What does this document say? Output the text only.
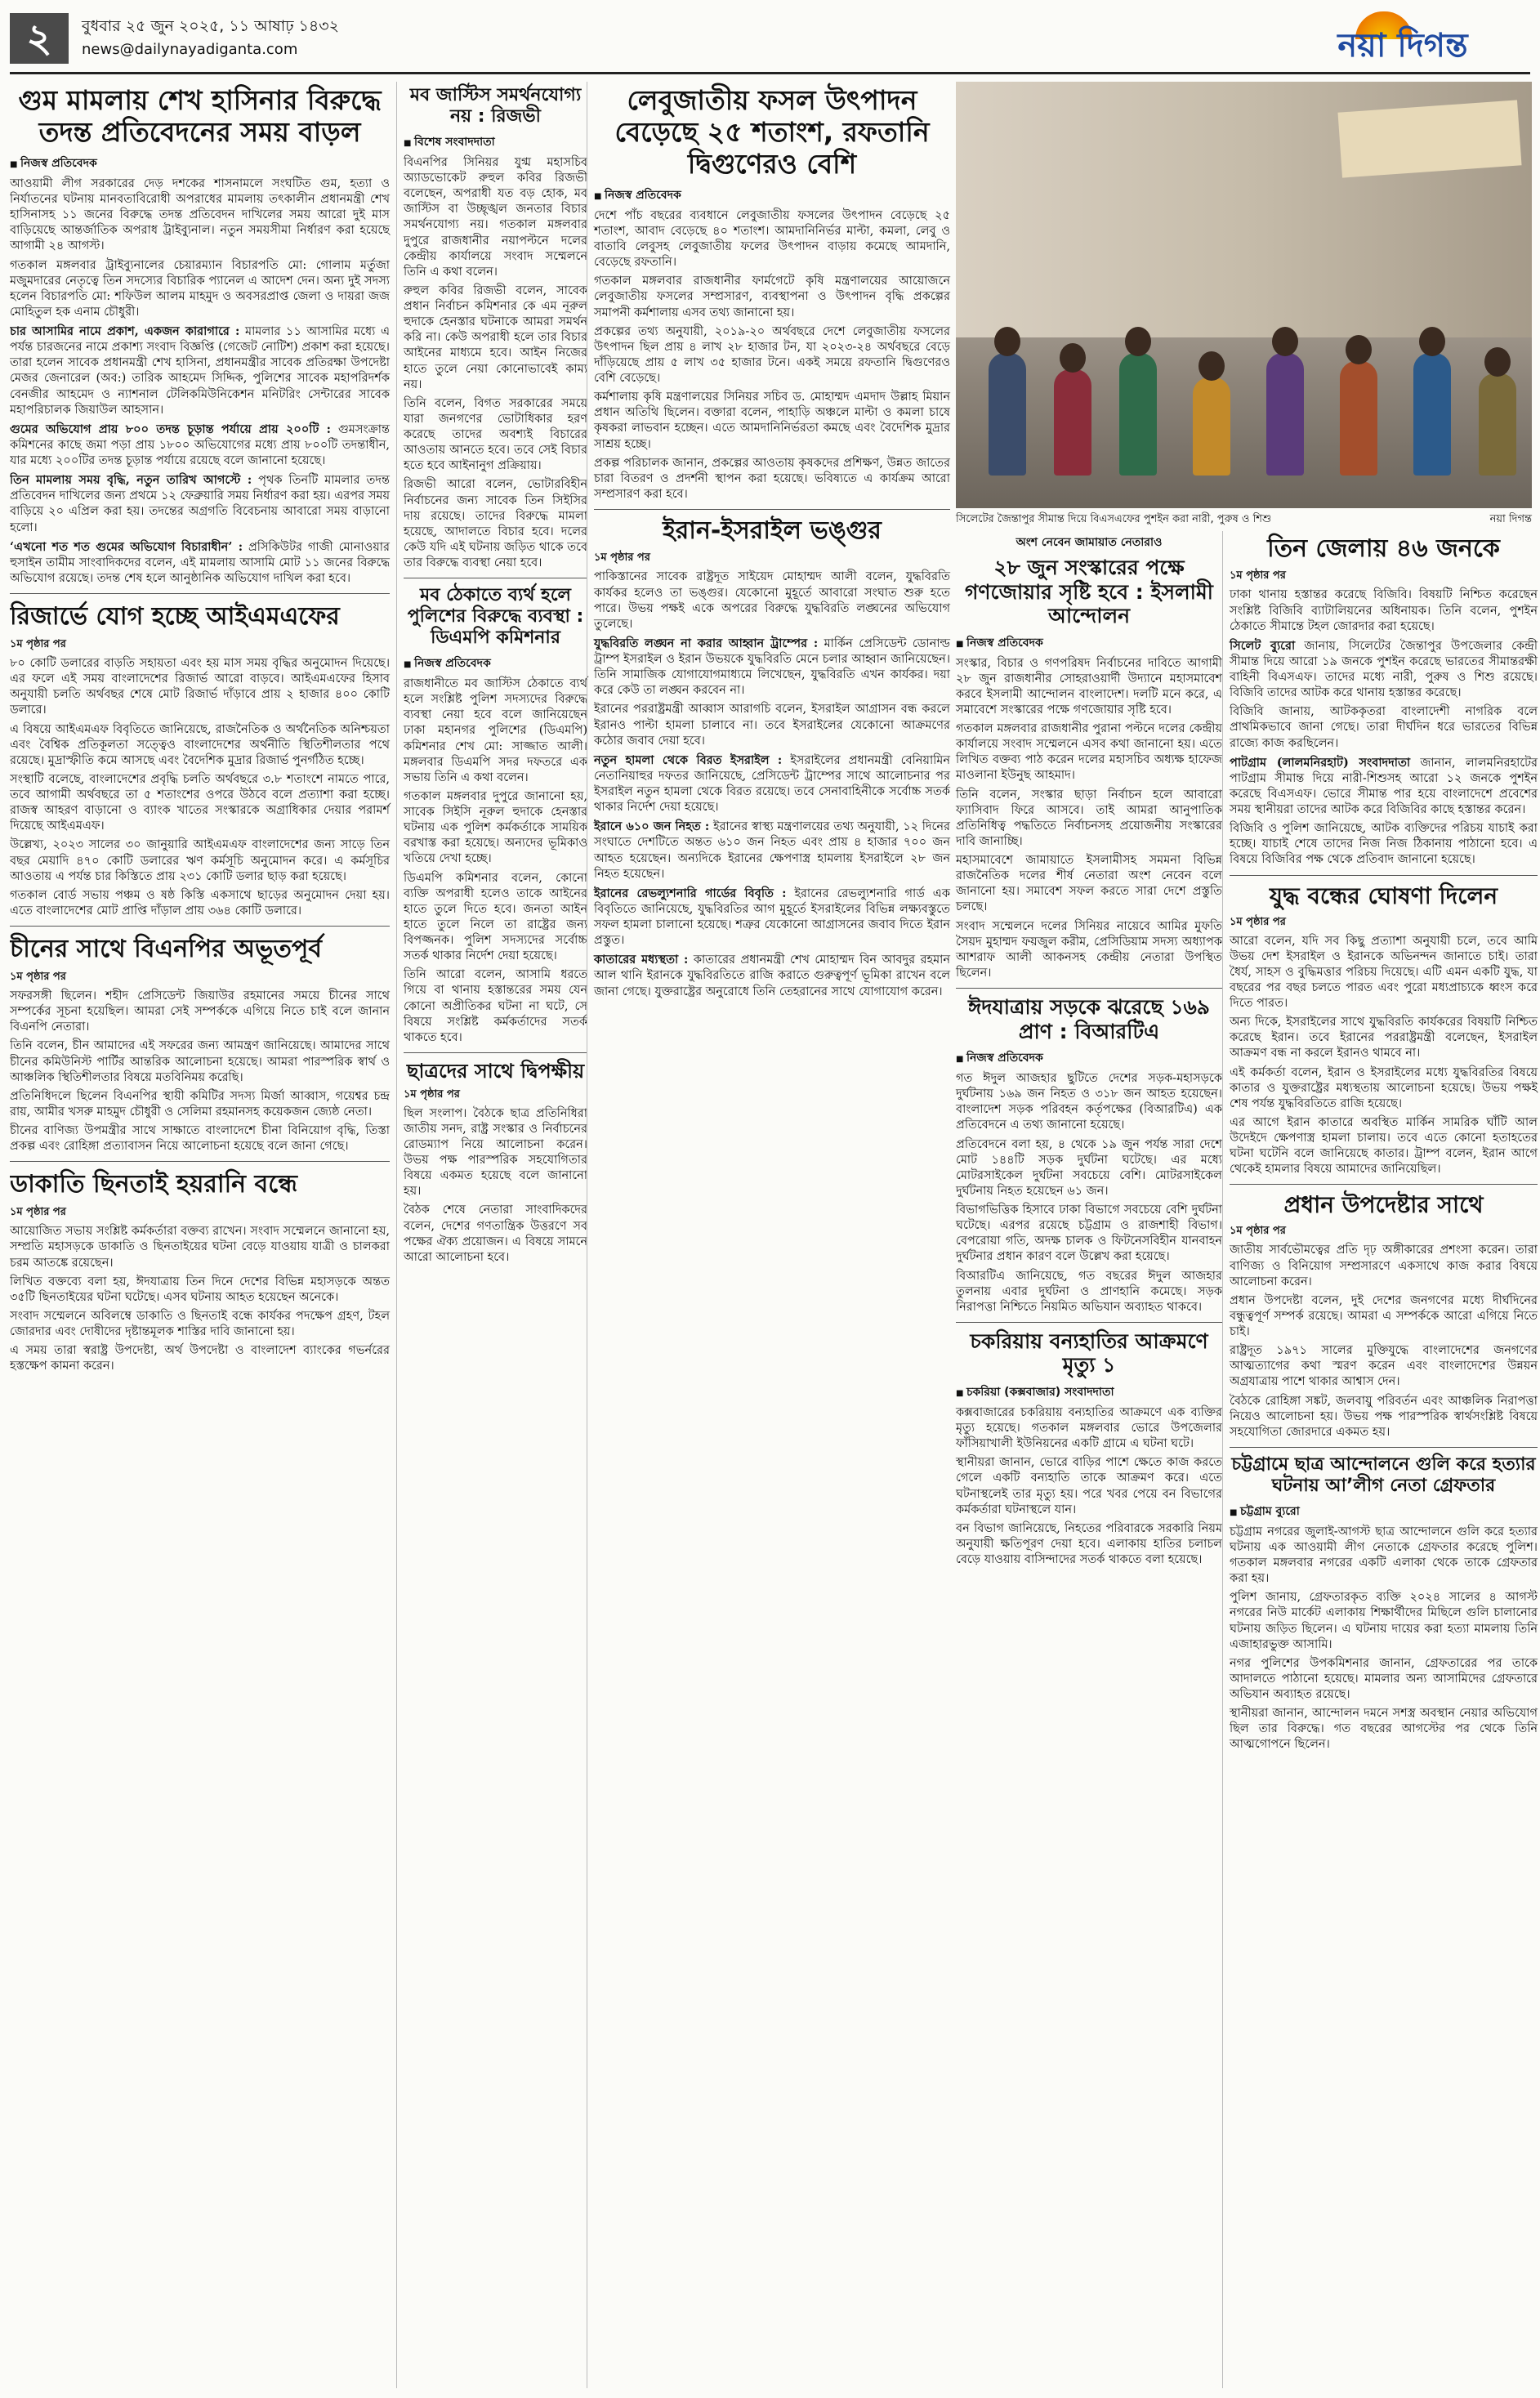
২	বুধবার ২৫ জুন ২০২৫, ১১ আষাঢ় ১৪৩২
news@dailynayadiganta.com	নয়া দিগন্ত
গুম মামলায় শেখ হাসিনার বিরুদ্ধে তদন্ত প্রতিবেদনের সময় বাড়ল
■ নিজস্ব প্রতিবেদক

আওয়ামী লীগ সরকারের দেড় দশকের শাসনামলে সংঘটিত গুম, হত্যা ও নির্যাতনের ঘটনায় মানবতাবিরোধী অপরাধের মামলায় তৎকালীন প্রধানমন্ত্রী শেখ হাসিনাসহ ১১ জনের বিরুদ্ধে তদন্ত প্রতিবেদন দাখিলের সময় আরো দুই মাস বাড়িয়েছে আন্তর্জাতিক অপরাধ ট্রাইব্যুনাল। নতুন সময়সীমা নির্ধারণ করা হয়েছে আগামী ২৪ আগস্ট।

গতকাল মঙ্গলবার ট্রাইব্যুনালের চেয়ারম্যান বিচারপতি মো: গোলাম মর্তুজা মজুমদারের নেতৃত্বে তিন সদস্যের বিচারিক প্যানেল এ আদেশ দেন। অন্য দুই সদস্য হলেন বিচারপতি মো: শফিউল আলম মাহমুদ ও অবসরপ্রাপ্ত জেলা ও দায়রা জজ মোহিতুল হক এনাম চৌধুরী।

চার আসামির নামে প্রকাশ, একজন কারাগারে : মামলার ১১ আসামির মধ্যে এ পর্যন্ত চারজনের নামে প্রকাশ্য সংবাদ বিজ্ঞপ্তি (গেজেট নোটিশ) প্রকাশ করা হয়েছে। তারা হলেন সাবেক প্রধানমন্ত্রী শেখ হাসিনা, প্রধানমন্ত্রীর সাবেক প্রতিরক্ষা উপদেষ্টা মেজর জেনারেল (অব:) তারিক আহমেদ সিদ্দিক, পুলিশের সাবেক মহাপরিদর্শক বেনজীর আহমেদ ও ন্যাশনাল টেলিকমিউনিকেশন মনিটরিং সেন্টারের সাবেক মহাপরিচালক জিয়াউল আহসান।

গুমের অভিযোগ প্রায় ৮০০ তদন্ত চূড়ান্ত পর্যায়ে প্রায় ২০০টি : গুমসংক্রান্ত কমিশনের কাছে জমা পড়া প্রায় ১৮০০ অভিযোগের মধ্যে প্রায় ৮০০টি তদন্তাধীন, যার মধ্যে ২০০টির তদন্ত চূড়ান্ত পর্যায়ে রয়েছে বলে জানানো হয়েছে।

তিন মামলায় সময় বৃদ্ধি, নতুন তারিখ আগস্টে : পৃথক তিনটি মামলার তদন্ত প্রতিবেদন দাখিলের জন্য প্রথমে ১২ ফেব্রুয়ারি সময় নির্ধারণ করা হয়। এরপর সময় বাড়িয়ে ২০ এপ্রিল করা হয়। তদন্তের অগ্রগতি বিবেচনায় আবারো সময় বাড়ানো হলো।

‘এখনো শত শত গুমের অভিযোগ বিচারাধীন’ : প্রসিকিউটর গাজী মোনাওয়ার হুসাইন তামীম সাংবাদিকদের বলেন, এই মামলায় আসামি মোট ১১ জনের বিরুদ্ধে অভিযোগ রয়েছে। তদন্ত শেষ হলে আনুষ্ঠানিক অভিযোগ দাখিল করা হবে।

রিজার্ভে যোগ হচ্ছে আইএমএফের
১ম পৃষ্ঠার পর

৮০ কোটি ডলারের বাড়তি সহায়তা এবং হয় মাস সময় বৃদ্ধির অনুমোদন দিয়েছে। এর ফলে এই সময় বাংলাদেশের রিজার্ভ আরো বাড়বে। আইএমএফের হিসাব অনুযায়ী চলতি অর্থবছর শেষে মোট রিজার্ভ দাঁড়াবে প্রায় ২ হাজার ৪০০ কোটি ডলারে।

এ বিষয়ে আইএমএফ বিবৃতিতে জানিয়েছে, রাজনৈতিক ও অর্থনৈতিক অনিশ্চয়তা এবং বৈশ্বিক প্রতিকূলতা সত্ত্বেও বাংলাদেশের অর্থনীতি স্থিতিশীলতার পথে রয়েছে। মুদ্রাস্ফীতি কমে আসছে এবং বৈদেশিক মুদ্রার রিজার্ভ পুনর্গঠিত হচ্ছে।

সংস্থাটি বলেছে, বাংলাদেশের প্রবৃদ্ধি চলতি অর্থবছরে ৩.৮ শতাংশে নামতে পারে, তবে আগামী অর্থবছরে তা ৫ শতাংশের ওপরে উঠবে বলে প্রত্যাশা করা হচ্ছে। রাজস্ব আহরণ বাড়ানো ও ব্যাংক খাতের সংস্কারকে অগ্রাধিকার দেয়ার পরামর্শ দিয়েছে আইএমএফ।

উল্লেখ্য, ২০২৩ সালের ৩০ জানুয়ারি আইএমএফ বাংলাদেশের জন্য সাড়ে তিন বছর মেয়াদি ৪৭০ কোটি ডলারের ঋণ কর্মসূচি অনুমোদন করে। এ কর্মসূচির আওতায় এ পর্যন্ত চার কিস্তিতে প্রায় ২৩১ কোটি ডলার ছাড় করা হয়েছে।

গতকাল বোর্ড সভায় পঞ্চম ও ষষ্ঠ কিস্তি একসাথে ছাড়ের অনুমোদন দেয়া হয়। এতে বাংলাদেশের মোট প্রাপ্তি দাঁড়াল প্রায় ৩৬৪ কোটি ডলারে।

চীনের সাথে বিএনপির অভূতপূর্ব
১ম পৃষ্ঠার পর

সফরসঙ্গী ছিলেন। শহীদ প্রেসিডেন্ট জিয়াউর রহমানের সময়ে চীনের সাথে সম্পর্কের সূচনা হয়েছিল। আমরা সেই সম্পর্ককে এগিয়ে নিতে চাই বলে জানান বিএনপি নেতারা।

তিনি বলেন, চীন আমাদের এই সফরের জন্য আমন্ত্রণ জানিয়েছে। আমাদের সাথে চীনের কমিউনিস্ট পার্টির আন্তরিক আলোচনা হয়েছে। আমরা পারস্পরিক স্বার্থ ও আঞ্চলিক স্থিতিশীলতার বিষয়ে মতবিনিময় করেছি।

প্রতিনিধিদলে ছিলেন বিএনপির স্থায়ী কমিটির সদস্য মির্জা আব্বাস, গয়েশ্বর চন্দ্র রায়, আমীর খসরু মাহমুদ চৌধুরী ও সেলিমা রহমানসহ কয়েকজন জ্যেষ্ঠ নেতা।

চীনের বাণিজ্য উপমন্ত্রীর সাথে সাক্ষাতে বাংলাদেশে চীনা বিনিয়োগ বৃদ্ধি, তিস্তা প্রকল্প এবং রোহিঙ্গা প্রত্যাবাসন নিয়ে আলোচনা হয়েছে বলে জানা গেছে।

ডাকাতি ছিনতাই হয়রানি বন্ধে
১ম পৃষ্ঠার পর

আয়োজিত সভায় সংশ্লিষ্ট কর্মকর্তারা বক্তব্য রাখেন। সংবাদ সম্মেলনে জানানো হয়, সম্প্রতি মহাসড়কে ডাকাতি ও ছিনতাইয়ের ঘটনা বেড়ে যাওয়ায় যাত্রী ও চালকরা চরম আতঙ্কে রয়েছেন।

লিখিত বক্তব্যে বলা হয়, ঈদযাত্রায় তিন দিনে দেশের বিভিন্ন মহাসড়কে অন্তত ৩৫টি ছিনতাইয়ের ঘটনা ঘটেছে। এসব ঘটনায় আহত হয়েছেন অনেকে।

সংবাদ সম্মেলনে অবিলম্বে ডাকাতি ও ছিনতাই বন্ধে কার্যকর পদক্ষেপ গ্রহণ, টহল জোরদার এবং দোষীদের দৃষ্টান্তমূলক শাস্তির দাবি জানানো হয়।

এ সময় তারা স্বরাষ্ট্র উপদেষ্টা, অর্থ উপদেষ্টা ও বাংলাদেশ ব্যাংকের গভর্নরের হস্তক্ষেপ কামনা করেন।

মব জাস্টিস সমর্থনযোগ্য নয় : রিজভী
■ বিশেষ সংবাদদাতা

বিএনপির সিনিয়র যুগ্ম মহাসচিব অ্যাডভোকেট রুহুল কবির রিজভী বলেছেন, অপরাধী যত বড় হোক, মব জাস্টিস বা উচ্ছৃঙ্খল জনতার বিচার সমর্থনযোগ্য নয়। গতকাল মঙ্গলবার দুপুরে রাজধানীর নয়াপল্টনে দলের কেন্দ্রীয় কার্যালয়ে সংবাদ সম্মেলনে তিনি এ কথা বলেন।

রুহুল কবির রিজভী বলেন, সাবেক প্রধান নির্বাচন কমিশনার কে এম নূরুল হুদাকে হেনস্তার ঘটনাকে আমরা সমর্থন করি না। কেউ অপরাধী হলে তার বিচার আইনের মাধ্যমে হবে। আইন নিজের হাতে তুলে নেয়া কোনোভাবেই কাম্য নয়।

তিনি বলেন, বিগত সরকারের সময়ে যারা জনগণের ভোটাধিকার হরণ করেছে তাদের অবশ্যই বিচারের আওতায় আনতে হবে। তবে সেই বিচার হতে হবে আইনানুগ প্রক্রিয়ায়।

রিজভী আরো বলেন, ভোটারবিহীন নির্বাচনের জন্য সাবেক তিন সিইসির দায় রয়েছে। তাদের বিরুদ্ধে মামলা হয়েছে, আদালতে বিচার হবে। দলের কেউ যদি এই ঘটনায় জড়িত থাকে তবে তার বিরুদ্ধে ব্যবস্থা নেয়া হবে।

মব ঠেকাতে ব্যর্থ হলে পুলিশের বিরুদ্ধে ব্যবস্থা : ডিএমপি কমিশনার
■ নিজস্ব প্রতিবেদক

রাজধানীতে মব জাস্টিস ঠেকাতে ব্যর্থ হলে সংশ্লিষ্ট পুলিশ সদস্যদের বিরুদ্ধে ব্যবস্থা নেয়া হবে বলে জানিয়েছেন ঢাকা মহানগর পুলিশের (ডিএমপি) কমিশনার শেখ মো: সাজ্জাত আলী। মঙ্গলবার ডিএমপি সদর দফতরে এক সভায় তিনি এ কথা বলেন।

গতকাল মঙ্গলবার দুপুরে জানানো হয়, সাবেক সিইসি নূরুল হুদাকে হেনস্তার ঘটনায় এক পুলিশ কর্মকর্তাকে সাময়িক বরখাস্ত করা হয়েছে। অন্যদের ভূমিকাও খতিয়ে দেখা হচ্ছে।

ডিএমপি কমিশনার বলেন, কোনো ব্যক্তি অপরাধী হলেও তাকে আইনের হাতে তুলে দিতে হবে। জনতা আইন হাতে তুলে নিলে তা রাষ্ট্রের জন্য বিপজ্জনক। পুলিশ সদস্যদের সর্বোচ্চ সতর্ক থাকার নির্দেশ দেয়া হয়েছে।

তিনি আরো বলেন, আসামি ধরতে গিয়ে বা থানায় হস্তান্তরের সময় যেন কোনো অপ্রীতিকর ঘটনা না ঘটে, সে বিষয়ে সংশ্লিষ্ট কর্মকর্তাদের সতর্ক থাকতে হবে।

ছাত্রদের সাথে দ্বিপক্ষীয়
১ম পৃষ্ঠার পর

ছিল সংলাপ। বৈঠকে ছাত্র প্রতিনিধিরা জাতীয় সনদ, রাষ্ট্র সংস্কার ও নির্বাচনের রোডম্যাপ নিয়ে আলোচনা করেন। উভয় পক্ষ পারস্পরিক সহযোগিতার বিষয়ে একমত হয়েছে বলে জানানো হয়।

বৈঠক শেষে নেতারা সাংবাদিকদের বলেন, দেশের গণতান্ত্রিক উত্তরণে সব পক্ষের ঐক্য প্রয়োজন। এ বিষয়ে সামনে আরো আলোচনা হবে।

লেবুজাতীয় ফসল উৎপাদন বেড়েছে ২৫ শতাংশ, রফতানি দ্বিগুণেরও বেশি
■ নিজস্ব প্রতিবেদক

দেশে পাঁচ বছরের ব্যবধানে লেবুজাতীয় ফসলের উৎপাদন বেড়েছে ২৫ শতাংশ, আবাদ বেড়েছে ৪০ শতাংশ। আমদানিনির্ভর মাল্টা, কমলা, লেবু ও বাতাবি লেবুসহ লেবুজাতীয় ফলের উৎপাদন বাড়ায় কমেছে আমদানি, বেড়েছে রফতানি।

গতকাল মঙ্গলবার রাজধানীর ফার্মগেটে কৃষি মন্ত্রণালয়ের আয়োজনে লেবুজাতীয় ফসলের সম্প্রসারণ, ব্যবস্থাপনা ও উৎপাদন বৃদ্ধি প্রকল্পের সমাপনী কর্মশালায় এসব তথ্য জানানো হয়।

প্রকল্পের তথ্য অনুযায়ী, ২০১৯-২০ অর্থবছরে দেশে লেবুজাতীয় ফসলের উৎপাদন ছিল প্রায় ৪ লাখ ২৮ হাজার টন, যা ২০২৩-২৪ অর্থবছরে বেড়ে দাঁড়িয়েছে প্রায় ৫ লাখ ৩৫ হাজার টনে। একই সময়ে রফতানি দ্বিগুণেরও বেশি বেড়েছে।

কর্মশালায় কৃষি মন্ত্রণালয়ের সিনিয়র সচিব ড. মোহাম্মদ এমদাদ উল্লাহ মিয়ান প্রধান অতিথি ছিলেন। বক্তারা বলেন, পাহাড়ি অঞ্চলে মাল্টা ও কমলা চাষে কৃষকরা লাভবান হচ্ছেন। এতে আমদানিনির্ভরতা কমছে এবং বৈদেশিক মুদ্রার সাশ্রয় হচ্ছে।

প্রকল্প পরিচালক জানান, প্রকল্পের আওতায় কৃষকদের প্রশিক্ষণ, উন্নত জাতের চারা বিতরণ ও প্রদর্শনী স্থাপন করা হয়েছে। ভবিষ্যতে এ কার্যক্রম আরো সম্প্রসারণ করা হবে।

ইরান-ইসরাইল ভঙ্গুর
১ম পৃষ্ঠার পর

পাকিস্তানের সাবেক রাষ্ট্রদূত সাইয়েদ মোহাম্মদ আলী বলেন, যুদ্ধবিরতি কার্যকর হলেও তা ভঙ্গুর। যেকোনো মুহূর্তে আবারো সংঘাত শুরু হতে পারে। উভয় পক্ষই একে অপরের বিরুদ্ধে যুদ্ধবিরতি লঙ্ঘনের অভিযোগ তুলেছে।

যুদ্ধবিরতি লঙ্ঘন না করার আহ্বান ট্রাম্পের : মার্কিন প্রেসিডেন্ট ডোনাল্ড ট্রাম্প ইসরাইল ও ইরান উভয়কে যুদ্ধবিরতি মেনে চলার আহ্বান জানিয়েছেন। তিনি সামাজিক যোগাযোগমাধ্যমে লিখেছেন, যুদ্ধবিরতি এখন কার্যকর। দয়া করে কেউ তা লঙ্ঘন করবেন না।

ইরানের পররাষ্ট্রমন্ত্রী আব্বাস আরাগচি বলেন, ইসরাইল আগ্রাসন বন্ধ করলে ইরানও পাল্টা হামলা চালাবে না। তবে ইসরাইলের যেকোনো আক্রমণের কঠোর জবাব দেয়া হবে।

নতুন হামলা থেকে বিরত ইসরাইল : ইসরাইলের প্রধানমন্ত্রী বেনিয়ামিন নেতানিয়াহুর দফতর জানিয়েছে, প্রেসিডেন্ট ট্রাম্পের সাথে আলোচনার পর ইসরাইল নতুন হামলা থেকে বিরত রয়েছে। তবে সেনাবাহিনীকে সর্বোচ্চ সতর্ক থাকার নির্দেশ দেয়া হয়েছে।

ইরানে ৬১০ জন নিহত : ইরানের স্বাস্থ্য মন্ত্রণালয়ের তথ্য অনুযায়ী, ১২ দিনের সংঘাতে দেশটিতে অন্তত ৬১০ জন নিহত এবং প্রায় ৪ হাজার ৭০০ জন আহত হয়েছেন। অন্যদিকে ইরানের ক্ষেপণাস্ত্র হামলায় ইসরাইলে ২৮ জন নিহত হয়েছেন।

ইরানের রেভল্যুশনারি গার্ডের বিবৃতি : ইরানের রেভল্যুশনারি গার্ড এক বিবৃতিতে জানিয়েছে, যুদ্ধবিরতির আগ মুহূর্তে ইসরাইলের বিভিন্ন লক্ষ্যবস্তুতে সফল হামলা চালানো হয়েছে। শত্রুর যেকোনো আগ্রাসনের জবাব দিতে ইরান প্রস্তুত।

কাতারের মধ্যস্থতা : কাতারের প্রধানমন্ত্রী শেখ মোহাম্মদ বিন আবদুর রহমান আল থানি ইরানকে যুদ্ধবিরতিতে রাজি করাতে গুরুত্বপূর্ণ ভূমিকা রাখেন বলে জানা গেছে। যুক্তরাষ্ট্রের অনুরোধে তিনি তেহরানের সাথে যোগাযোগ করেন।

সিলেটের জৈন্তাপুর সীমান্ত দিয়ে বিএসএফের পুশইন করা নারী, পুরুষ ও শিশু	নয়া দিগন্ত
অংশ নেবেন জামায়াত নেতারাও
২৮ জুন সংস্কারের পক্ষে গণজোয়ার সৃষ্টি হবে : ইসলামী আন্দোলন
■ নিজস্ব প্রতিবেদক

সংস্কার, বিচার ও গণপরিষদ নির্বাচনের দাবিতে আগামী ২৮ জুন রাজধানীর সোহরাওয়ার্দী উদ্যানে মহাসমাবেশ করবে ইসলামী আন্দোলন বাংলাদেশ। দলটি মনে করে, এ সমাবেশে সংস্কারের পক্ষে গণজোয়ার সৃষ্টি হবে।

গতকাল মঙ্গলবার রাজধানীর পুরানা পল্টনে দলের কেন্দ্রীয় কার্যালয়ে সংবাদ সম্মেলনে এসব কথা জানানো হয়। এতে লিখিত বক্তব্য পাঠ করেন দলের মহাসচিব অধ্যক্ষ হাফেজ মাওলানা ইউনুছ আহমাদ।

তিনি বলেন, সংস্কার ছাড়া নির্বাচন হলে আবারো ফ্যাসিবাদ ফিরে আসবে। তাই আমরা আনুপাতিক প্রতিনিধিত্ব পদ্ধতিতে নির্বাচনসহ প্রয়োজনীয় সংস্কারের দাবি জানাচ্ছি।

মহাসমাবেশে জামায়াতে ইসলামীসহ সমমনা বিভিন্ন রাজনৈতিক দলের শীর্ষ নেতারা অংশ নেবেন বলে জানানো হয়। সমাবেশ সফল করতে সারা দেশে প্রস্তুতি চলছে।

সংবাদ সম্মেলনে দলের সিনিয়র নায়েবে আমির মুফতি সৈয়দ মুহাম্মদ ফয়জুল করীম, প্রেসিডিয়াম সদস্য অধ্যাপক আশরাফ আলী আকনসহ কেন্দ্রীয় নেতারা উপস্থিত ছিলেন।

ঈদযাত্রায় সড়কে ঝরেছে ১৬৯ প্রাণ : বিআরটিএ
■ নিজস্ব প্রতিবেদক

গত ঈদুল আজহার ছুটিতে দেশের সড়ক-মহাসড়কে দুর্ঘটনায় ১৬৯ জন নিহত ও ৩১৮ জন আহত হয়েছেন। বাংলাদেশ সড়ক পরিবহন কর্তৃপক্ষের (বিআরটিএ) এক প্রতিবেদনে এ তথ্য জানানো হয়েছে।

প্রতিবেদনে বলা হয়, ৪ থেকে ১৯ জুন পর্যন্ত সারা দেশে মোট ১৪৪টি সড়ক দুর্ঘটনা ঘটেছে। এর মধ্যে মোটরসাইকেল দুর্ঘটনা সবচেয়ে বেশি। মোটরসাইকেল দুর্ঘটনায় নিহত হয়েছেন ৬১ জন।

বিভাগভিত্তিক হিসাবে ঢাকা বিভাগে সবচেয়ে বেশি দুর্ঘটনা ঘটেছে। এরপর রয়েছে চট্টগ্রাম ও রাজশাহী বিভাগ। বেপরোয়া গতি, অদক্ষ চালক ও ফিটনেসবিহীন যানবাহন দুর্ঘটনার প্রধান কারণ বলে উল্লেখ করা হয়েছে।

বিআরটিএ জানিয়েছে, গত বছরের ঈদুল আজহার তুলনায় এবার দুর্ঘটনা ও প্রাণহানি কমেছে। সড়ক নিরাপত্তা নিশ্চিতে নিয়মিত অভিযান অব্যাহত থাকবে।

চকরিয়ায় বন্যহাতির আক্রমণে মৃত্যু ১
■ চকরিয়া (কক্সবাজার) সংবাদদাতা

কক্সবাজারের চকরিয়ায় বন্যহাতির আক্রমণে এক ব্যক্তির মৃত্যু হয়েছে। গতকাল মঙ্গলবার ভোরে উপজেলার ফাঁসিয়াখালী ইউনিয়নের একটি গ্রামে এ ঘটনা ঘটে।

স্থানীয়রা জানান, ভোরে বাড়ির পাশে ক্ষেতে কাজ করতে গেলে একটি বন্যহাতি তাকে আক্রমণ করে। এতে ঘটনাস্থলেই তার মৃত্যু হয়। পরে খবর পেয়ে বন বিভাগের কর্মকর্তারা ঘটনাস্থলে যান।

বন বিভাগ জানিয়েছে, নিহতের পরিবারকে সরকারি নিয়ম অনুযায়ী ক্ষতিপূরণ দেয়া হবে। এলাকায় হাতির চলাচল বেড়ে যাওয়ায় বাসিন্দাদের সতর্ক থাকতে বলা হয়েছে।

তিন জেলায় ৪৬ জনকে
১ম পৃষ্ঠার পর

ঢাকা থানায় হস্তান্তর করেছে বিজিবি। বিষয়টি নিশ্চিত করেছেন সংশ্লিষ্ট বিজিবি ব্যাটালিয়নের অধিনায়ক। তিনি বলেন, পুশইন ঠেকাতে সীমান্তে টহল জোরদার করা হয়েছে।

সিলেট ব্যুরো জানায়, সিলেটের জৈন্তাপুর উপজেলার কেন্দ্রী সীমান্ত দিয়ে আরো ১৯ জনকে পুশইন করেছে ভারতের সীমান্তরক্ষী বাহিনী বিএসএফ। তাদের মধ্যে নারী, পুরুষ ও শিশু রয়েছে। বিজিবি তাদের আটক করে থানায় হস্তান্তর করেছে।

বিজিবি জানায়, আটককৃতরা বাংলাদেশী নাগরিক বলে প্রাথমিকভাবে জানা গেছে। তারা দীর্ঘদিন ধরে ভারতের বিভিন্ন রাজ্যে কাজ করছিলেন।

পাটগ্রাম (লালমনিরহাট) সংবাদদাতা জানান, লালমনিরহাটের পাটগ্রাম সীমান্ত দিয়ে নারী-শিশুসহ আরো ১২ জনকে পুশইন করেছে বিএসএফ। ভোরে সীমান্ত পার হয়ে বাংলাদেশে প্রবেশের সময় স্থানীয়রা তাদের আটক করে বিজিবির কাছে হস্তান্তর করেন।

বিজিবি ও পুলিশ জানিয়েছে, আটক ব্যক্তিদের পরিচয় যাচাই করা হচ্ছে। যাচাই শেষে তাদের নিজ নিজ ঠিকানায় পাঠানো হবে। এ বিষয়ে বিজিবির পক্ষ থেকে প্রতিবাদ জানানো হয়েছে।

যুদ্ধ বন্ধের ঘোষণা দিলেন
১ম পৃষ্ঠার পর

আরো বলেন, যদি সব কিছু প্রত্যাশা অনুযায়ী চলে, তবে আমি উভয় দেশ ইসরাইল ও ইরানকে অভিনন্দন জানাতে চাই। তারা ধৈর্য, সাহস ও বুদ্ধিমত্তার পরিচয় দিয়েছে। এটি এমন একটি যুদ্ধ, যা বছরের পর বছর চলতে পারত এবং পুরো মধ্যপ্রাচ্যকে ধ্বংস করে দিতে পারত।

অন্য দিকে, ইসরাইলের সাথে যুদ্ধবিরতি কার্যকরের বিষয়টি নিশ্চিত করেছে ইরান। তবে ইরানের পররাষ্ট্রমন্ত্রী বলেছেন, ইসরাইল আক্রমণ বন্ধ না করলে ইরানও থামবে না।

এই কর্মকর্তা বলেন, ইরান ও ইসরাইলের মধ্যে যুদ্ধবিরতির বিষয়ে কাতার ও যুক্তরাষ্ট্রের মধ্যস্থতায় আলোচনা হয়েছে। উভয় পক্ষই শেষ পর্যন্ত যুদ্ধবিরতিতে রাজি হয়েছে।

এর আগে ইরান কাতারে অবস্থিত মার্কিন সামরিক ঘাঁটি আল উদেইদে ক্ষেপণাস্ত্র হামলা চালায়। তবে এতে কোনো হতাহতের ঘটনা ঘটেনি বলে জানিয়েছে কাতার। ট্রাম্প বলেন, ইরান আগে থেকেই হামলার বিষয়ে আমাদের জানিয়েছিল।

প্রধান উপদেষ্টার সাথে
১ম পৃষ্ঠার পর

জাতীয় সার্বভৌমত্বের প্রতি দৃঢ় অঙ্গীকারের প্রশংসা করেন। তারা বাণিজ্য ও বিনিয়োগ সম্প্রসারণে একসাথে কাজ করার বিষয়ে আলোচনা করেন।

প্রধান উপদেষ্টা বলেন, দুই দেশের জনগণের মধ্যে দীর্ঘদিনের বন্ধুত্বপূর্ণ সম্পর্ক রয়েছে। আমরা এ সম্পর্ককে আরো এগিয়ে নিতে চাই।

রাষ্ট্রদূত ১৯৭১ সালের মুক্তিযুদ্ধে বাংলাদেশের জনগণের আত্মত্যাগের কথা স্মরণ করেন এবং বাংলাদেশের উন্নয়ন অগ্রযাত্রায় পাশে থাকার আশ্বাস দেন।

বৈঠকে রোহিঙ্গা সঙ্কট, জলবায়ু পরিবর্তন এবং আঞ্চলিক নিরাপত্তা নিয়েও আলোচনা হয়। উভয় পক্ষ পারস্পরিক স্বার্থসংশ্লিষ্ট বিষয়ে সহযোগিতা জোরদারে একমত হয়।

চট্টগ্রামে ছাত্র আন্দোলনে গুলি করে হত্যার ঘটনায় আ’লীগ নেতা গ্রেফতার
■ চট্টগ্রাম ব্যুরো

চট্টগ্রাম নগরের জুলাই-আগস্ট ছাত্র আন্দোলনে গুলি করে হত্যার ঘটনায় এক আওয়ামী লীগ নেতাকে গ্রেফতার করেছে পুলিশ। গতকাল মঙ্গলবার নগরের একটি এলাকা থেকে তাকে গ্রেফতার করা হয়।

পুলিশ জানায়, গ্রেফতারকৃত ব্যক্তি ২০২৪ সালের ৪ আগস্ট নগরের নিউ মার্কেট এলাকায় শিক্ষার্থীদের মিছিলে গুলি চালানোর ঘটনায় জড়িত ছিলেন। এ ঘটনায় দায়ের করা হত্যা মামলায় তিনি এজাহারভুক্ত আসামি।

নগর পুলিশের উপকমিশনার জানান, গ্রেফতারের পর তাকে আদালতে পাঠানো হয়েছে। মামলার অন্য আসামিদের গ্রেফতারে অভিযান অব্যাহত রয়েছে।

স্থানীয়রা জানান, আন্দোলন দমনে সশস্ত্র অবস্থান নেয়ার অভিযোগ ছিল তার বিরুদ্ধে। গত বছরের আগস্টের পর থেকে তিনি আত্মগোপনে ছিলেন।
